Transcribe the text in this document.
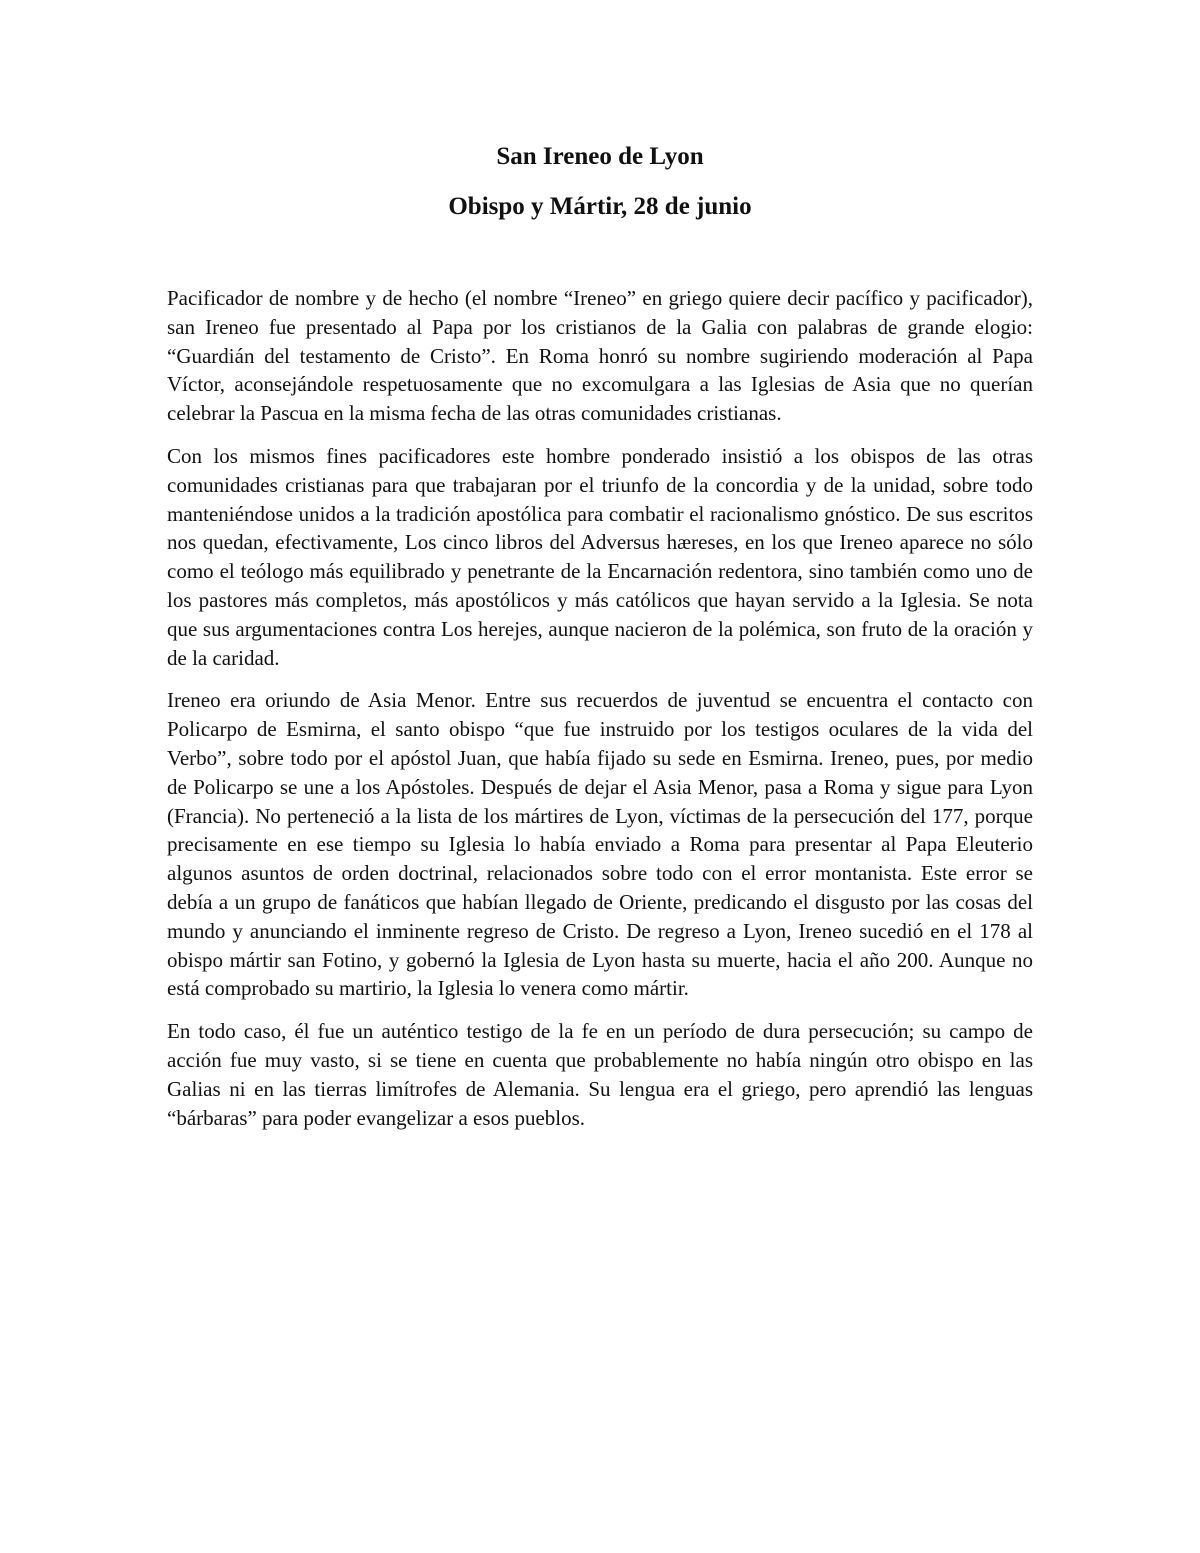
San Ireneo de Lyon
Obispo y Mártir, 28 de junio

Pacificador de nombre y de hecho (el nombre “Ireneo” en griego quiere decir pacífico y pacificador), san Ireneo fue presentado al Papa por los cristianos de la Galia con palabras de grande elogio: “Guardián del testamento de Cristo”. En Roma honró su nombre sugiriendo moderación al Papa Víctor, aconsejándole respetuosamente que no excomulgara a las Iglesias de Asia que no querían celebrar la Pascua en la misma fecha de las otras comunidades cristianas.

Con los mismos fines pacificadores este hombre ponderado insistió a los obispos de las otras comunidades cristianas para que trabajaran por el triunfo de la concordia y de la unidad, sobre todo manteniéndose unidos a la tradición apostólica para combatir el racionalismo gnóstico. De sus escritos nos quedan, efectivamente, Los cinco libros del Adversus hæreses, en los que Ireneo aparece no sólo como el teólogo más equilibrado y penetrante de la Encarnación redentora, sino también como uno de los pastores más completos, más apostólicos y más católicos que hayan servido a la Iglesia. Se nota que sus argumentaciones contra Los herejes, aunque nacieron de la polémica, son fruto de la oración y de la caridad.

Ireneo era oriundo de Asia Menor. Entre sus recuerdos de juventud se encuentra el contacto con Policarpo de Esmirna, el santo obispo “que fue instruido por los testigos oculares de la vida del Verbo”, sobre todo por el apóstol Juan, que había fijado su sede en Esmirna. Ireneo, pues, por medio de Policarpo se une a los Apóstoles. Después de dejar el Asia Menor, pasa a Roma y sigue para Lyon (Francia). No perteneció a la lista de los mártires de Lyon, víctimas de la persecución del 177, porque precisamente en ese tiempo su Iglesia lo había enviado a Roma para presentar al Papa Eleuterio algunos asuntos de orden doctrinal, relacionados sobre todo con el error montanista. Este error se debía a un grupo de fanáticos que habían llegado de Oriente, predicando el disgusto por las cosas del mundo y anunciando el inminente regreso de Cristo. De regreso a Lyon, Ireneo sucedió en el 178 al obispo mártir san Fotino, y gobernó la Iglesia de Lyon hasta su muerte, hacia el año 200. Aunque no está comprobado su martirio, la Iglesia lo venera como mártir.

En todo caso, él fue un auténtico testigo de la fe en un período de dura persecución; su campo de acción fue muy vasto, si se tiene en cuenta que probablemente no había ningún otro obispo en las Galias ni en las tierras limítrofes de Alemania. Su lengua era el griego, pero aprendió las lenguas “bárbaras” para poder evangelizar a esos pueblos.
